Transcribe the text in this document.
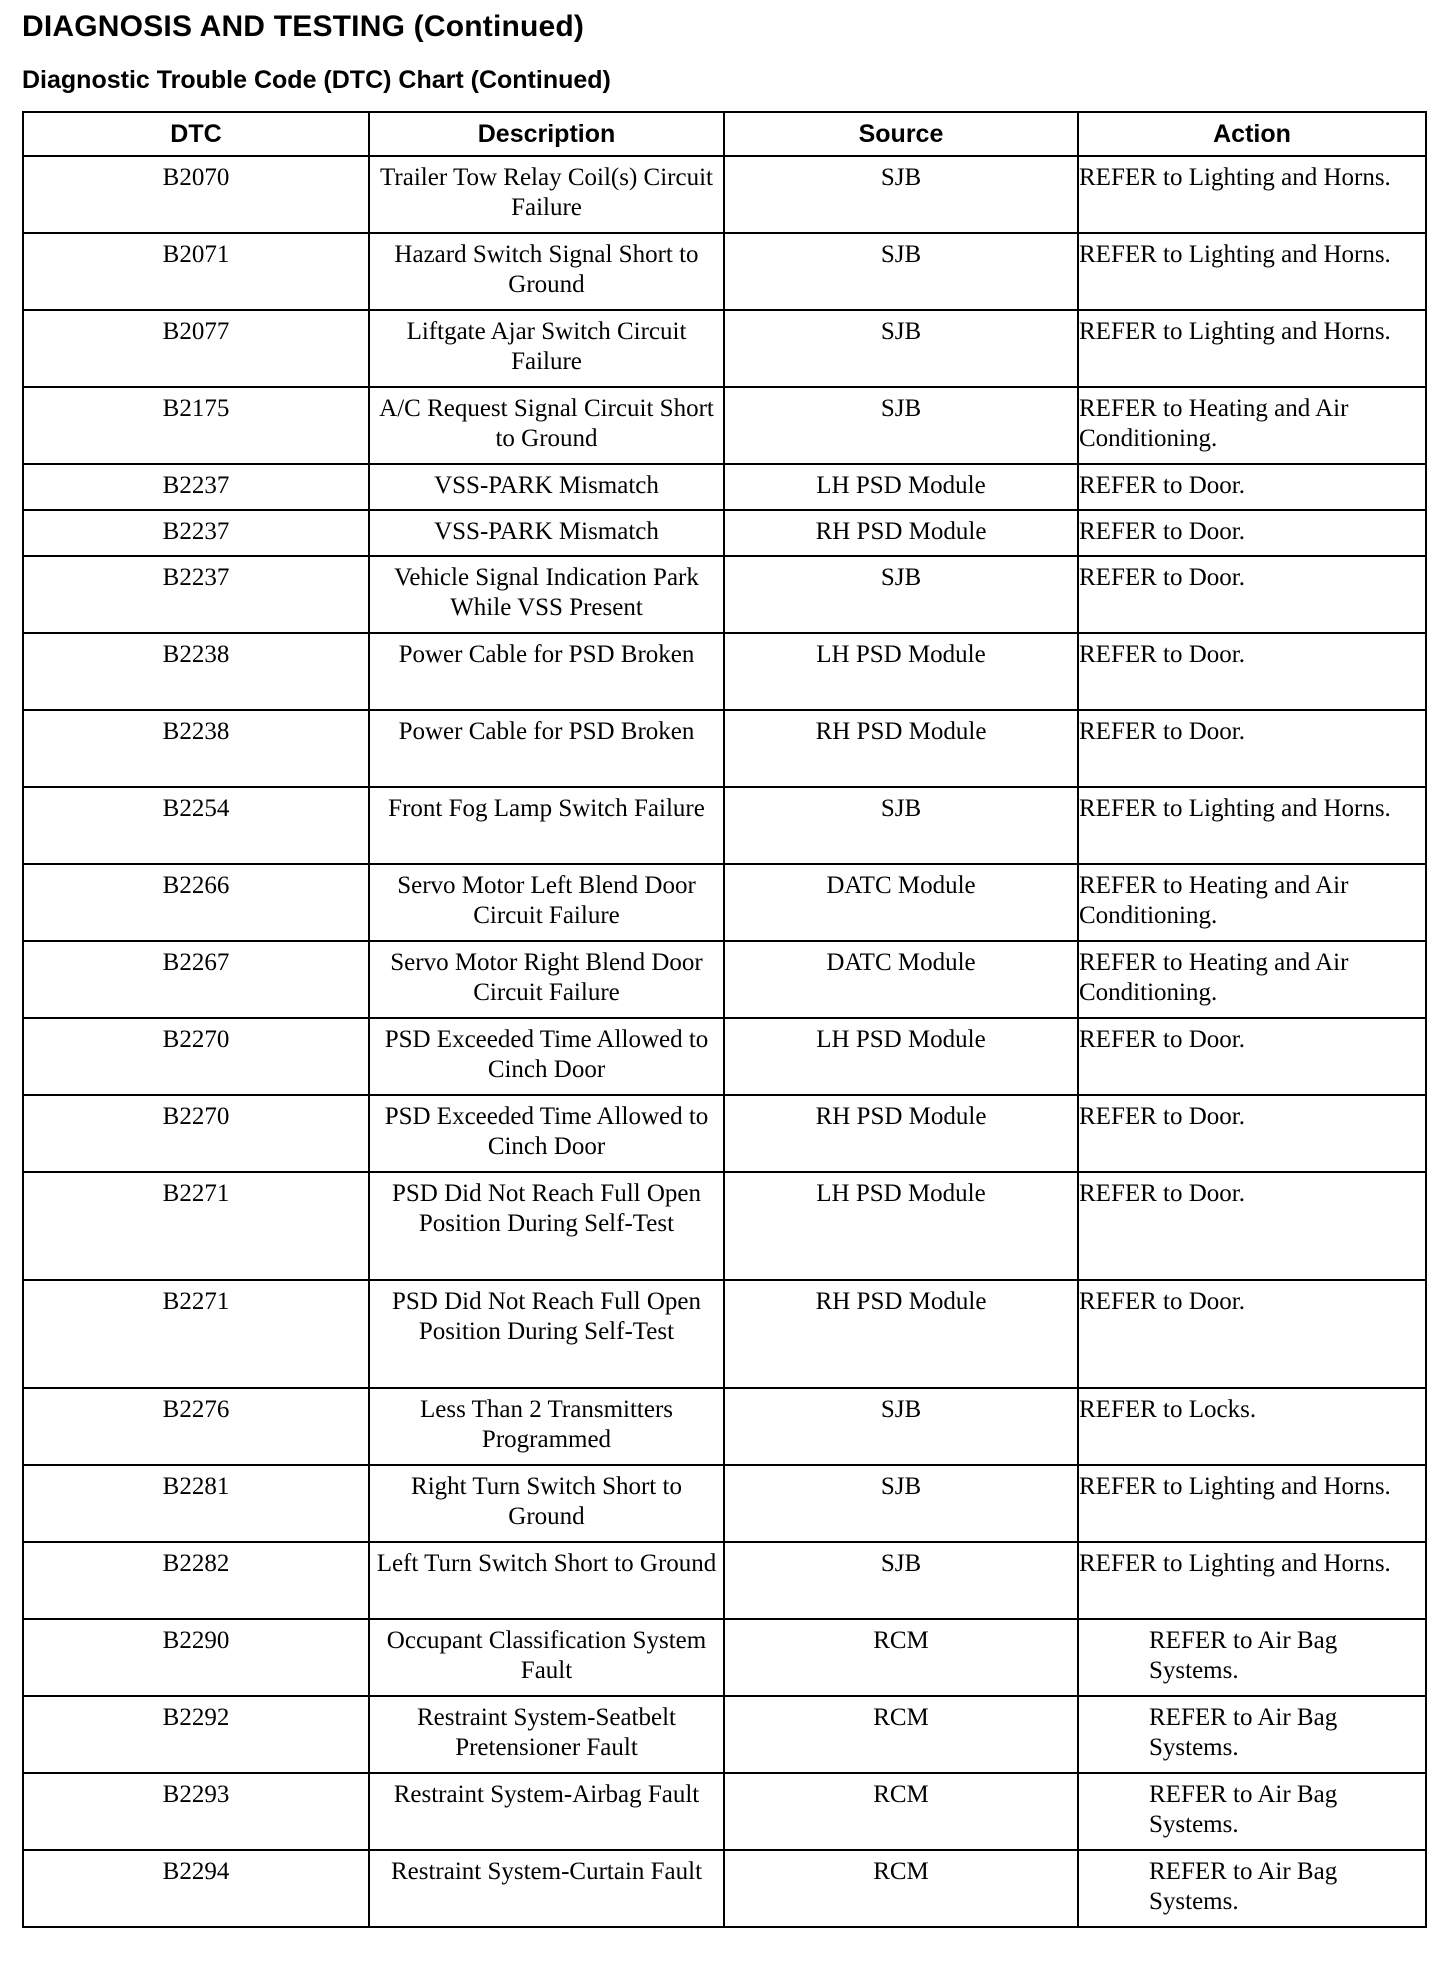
DIAGNOSIS AND TESTING (Continued)
Diagnostic Trouble Code (DTC) Chart (Continued)
DTC	Description	Source	Action
B2070	Trailer Tow Relay Coil(s) Circuit Failure	SJB	REFER to Lighting and Horns.
B2071	Hazard Switch Signal Short to Ground	SJB	REFER to Lighting and Horns.
B2077	Liftgate Ajar Switch Circuit Failure	SJB	REFER to Lighting and Horns.
B2175	A/C Request Signal Circuit Short to Ground	SJB	REFER to Heating and Air Conditioning.
B2237	VSS-PARK Mismatch	LH PSD Module	REFER to Door.
B2237	VSS-PARK Mismatch	RH PSD Module	REFER to Door.
B2237	Vehicle Signal Indication Park While VSS Present	SJB	REFER to Door.
B2238	Power Cable for PSD Broken	LH PSD Module	REFER to Door.
B2238	Power Cable for PSD Broken	RH PSD Module	REFER to Door.
B2254	Front Fog Lamp Switch Failure	SJB	REFER to Lighting and Horns.
B2266	Servo Motor Left Blend Door Circuit Failure	DATC Module	REFER to Heating and Air Conditioning.
B2267	Servo Motor Right Blend Door Circuit Failure	DATC Module	REFER to Heating and Air Conditioning.
B2270	PSD Exceeded Time Allowed to Cinch Door	LH PSD Module	REFER to Door.
B2270	PSD Exceeded Time Allowed to Cinch Door	RH PSD Module	REFER to Door.
B2271	PSD Did Not Reach Full Open Position During Self-Test	LH PSD Module	REFER to Door.
B2271	PSD Did Not Reach Full Open Position During Self-Test	RH PSD Module	REFER to Door.
B2276	Less Than 2 Transmitters Programmed	SJB	REFER to Locks.
B2281	Right Turn Switch Short to Ground	SJB	REFER to Lighting and Horns.
B2282	Left Turn Switch Short to Ground	SJB	REFER to Lighting and Horns.
B2290	Occupant Classification System Fault	RCM	REFER to Air Bag Systems.
B2292	Restraint System-Seatbelt Pretensioner Fault	RCM	REFER to Air Bag Systems.
B2293	Restraint System-Airbag Fault	RCM	REFER to Air Bag Systems.
B2294	Restraint System-Curtain Fault	RCM	REFER to Air Bag Systems.
